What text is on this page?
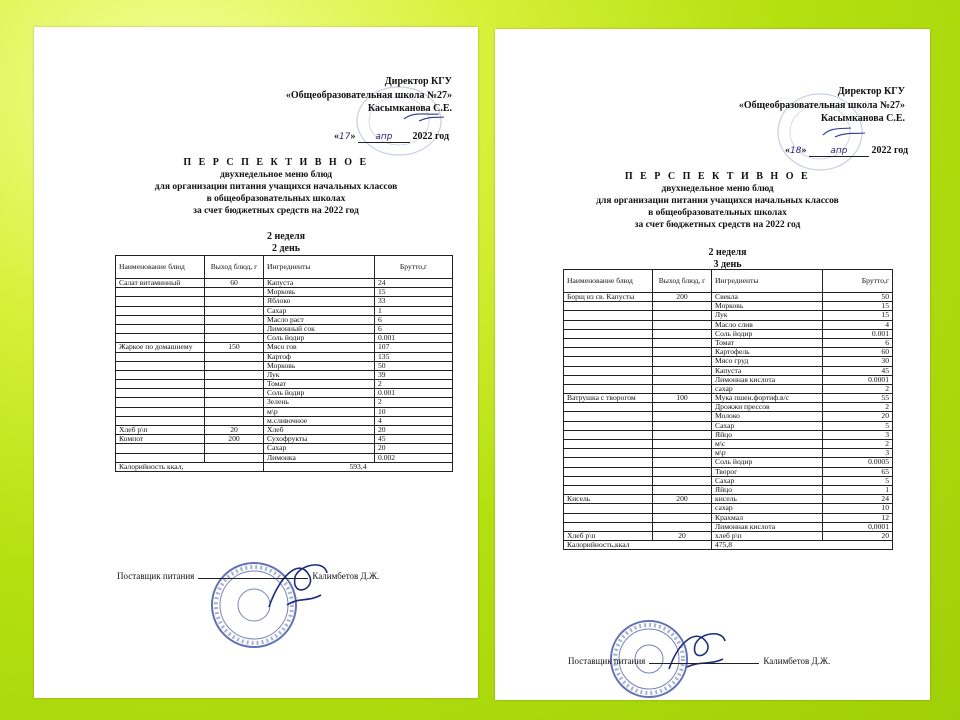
Директор КГУ
«Общеобразовательная школа №27»
Касымканова С.Е.
«17» апр 2022 год
П Е Р С П Е К Т И В Н О Е
двухнедельное меню блюд
для организации питания учащихся начальных классов
в общеобразовательных школах
за счет бюджетных средств на 2022 год
2 неделя
2 день
Наименование блюд	Выход блюд, г	Ингредиенты	Брутто,г
Салат витаминный	60	Капуста	24
		Морковь	15
		Яблоко	33
		Сахар	1
		Масло раст	6
		Лимонный сок	6
		Соль йодир	0.001
Жаркое по домашнему	150	Мясо гов	107
		Картоф	135
		Морковь	50
		Лук	39
		Томат	2
		Соль йодир	0.001
		Зелень	2
		м\р	10
		м.сливочное	4
Хлеб р\п	20	Хлеб	20
Компот	200	Сухофрукты	45
		Сахар	20
		Лимонка	0.002
Калорийность ккал,		593,4	
Поставщик питания	Калимбетов Д.Ж.
Директор КГУ
«Общеобразовательная школа №27»
Касымканова С.Е.
«18» апр 2022 год
П Е Р С П Е К Т И В Н О Е
двухнедельное меню блюд
для организации питания учащихся начальных классов
в общеобразовательных школах
за счет бюджетных средств на 2022 год
2 неделя
3 день
Наименование блюд	Выход блюд, г	Ингредиенты	Брутто,г
Борщ из св. Капусты	200	Свекла	50
		Морковь	15
		Лук	15
		Масло слив	4
		Соль йодир	0.001
		Томат	6
		Картофель	60
		Мясо груд	30
		Капуста	45
		Лимонная кислота	0.0001
		сахар	2
Ватрушка с творогом	100	Мука пшен.фортиф.в/с	55
		Дрожжи прессов	2
		Молоко	20
		Сахар	5
		Яйцо	3
		м\с	2
		м\р	3
		Соль йодир	0.0005
		Творог	65
		Сахар	5
		Яйцо	1
Кисель	200	кисель	24
		сахар	10
		Крахмал	12
		Лимонная кислота	0,0001
Хлеб р\п	20	хлеб р\п	20
Калорийность,ккал		475,8	
Поставщик питания	Калимбетов Д.Ж.
